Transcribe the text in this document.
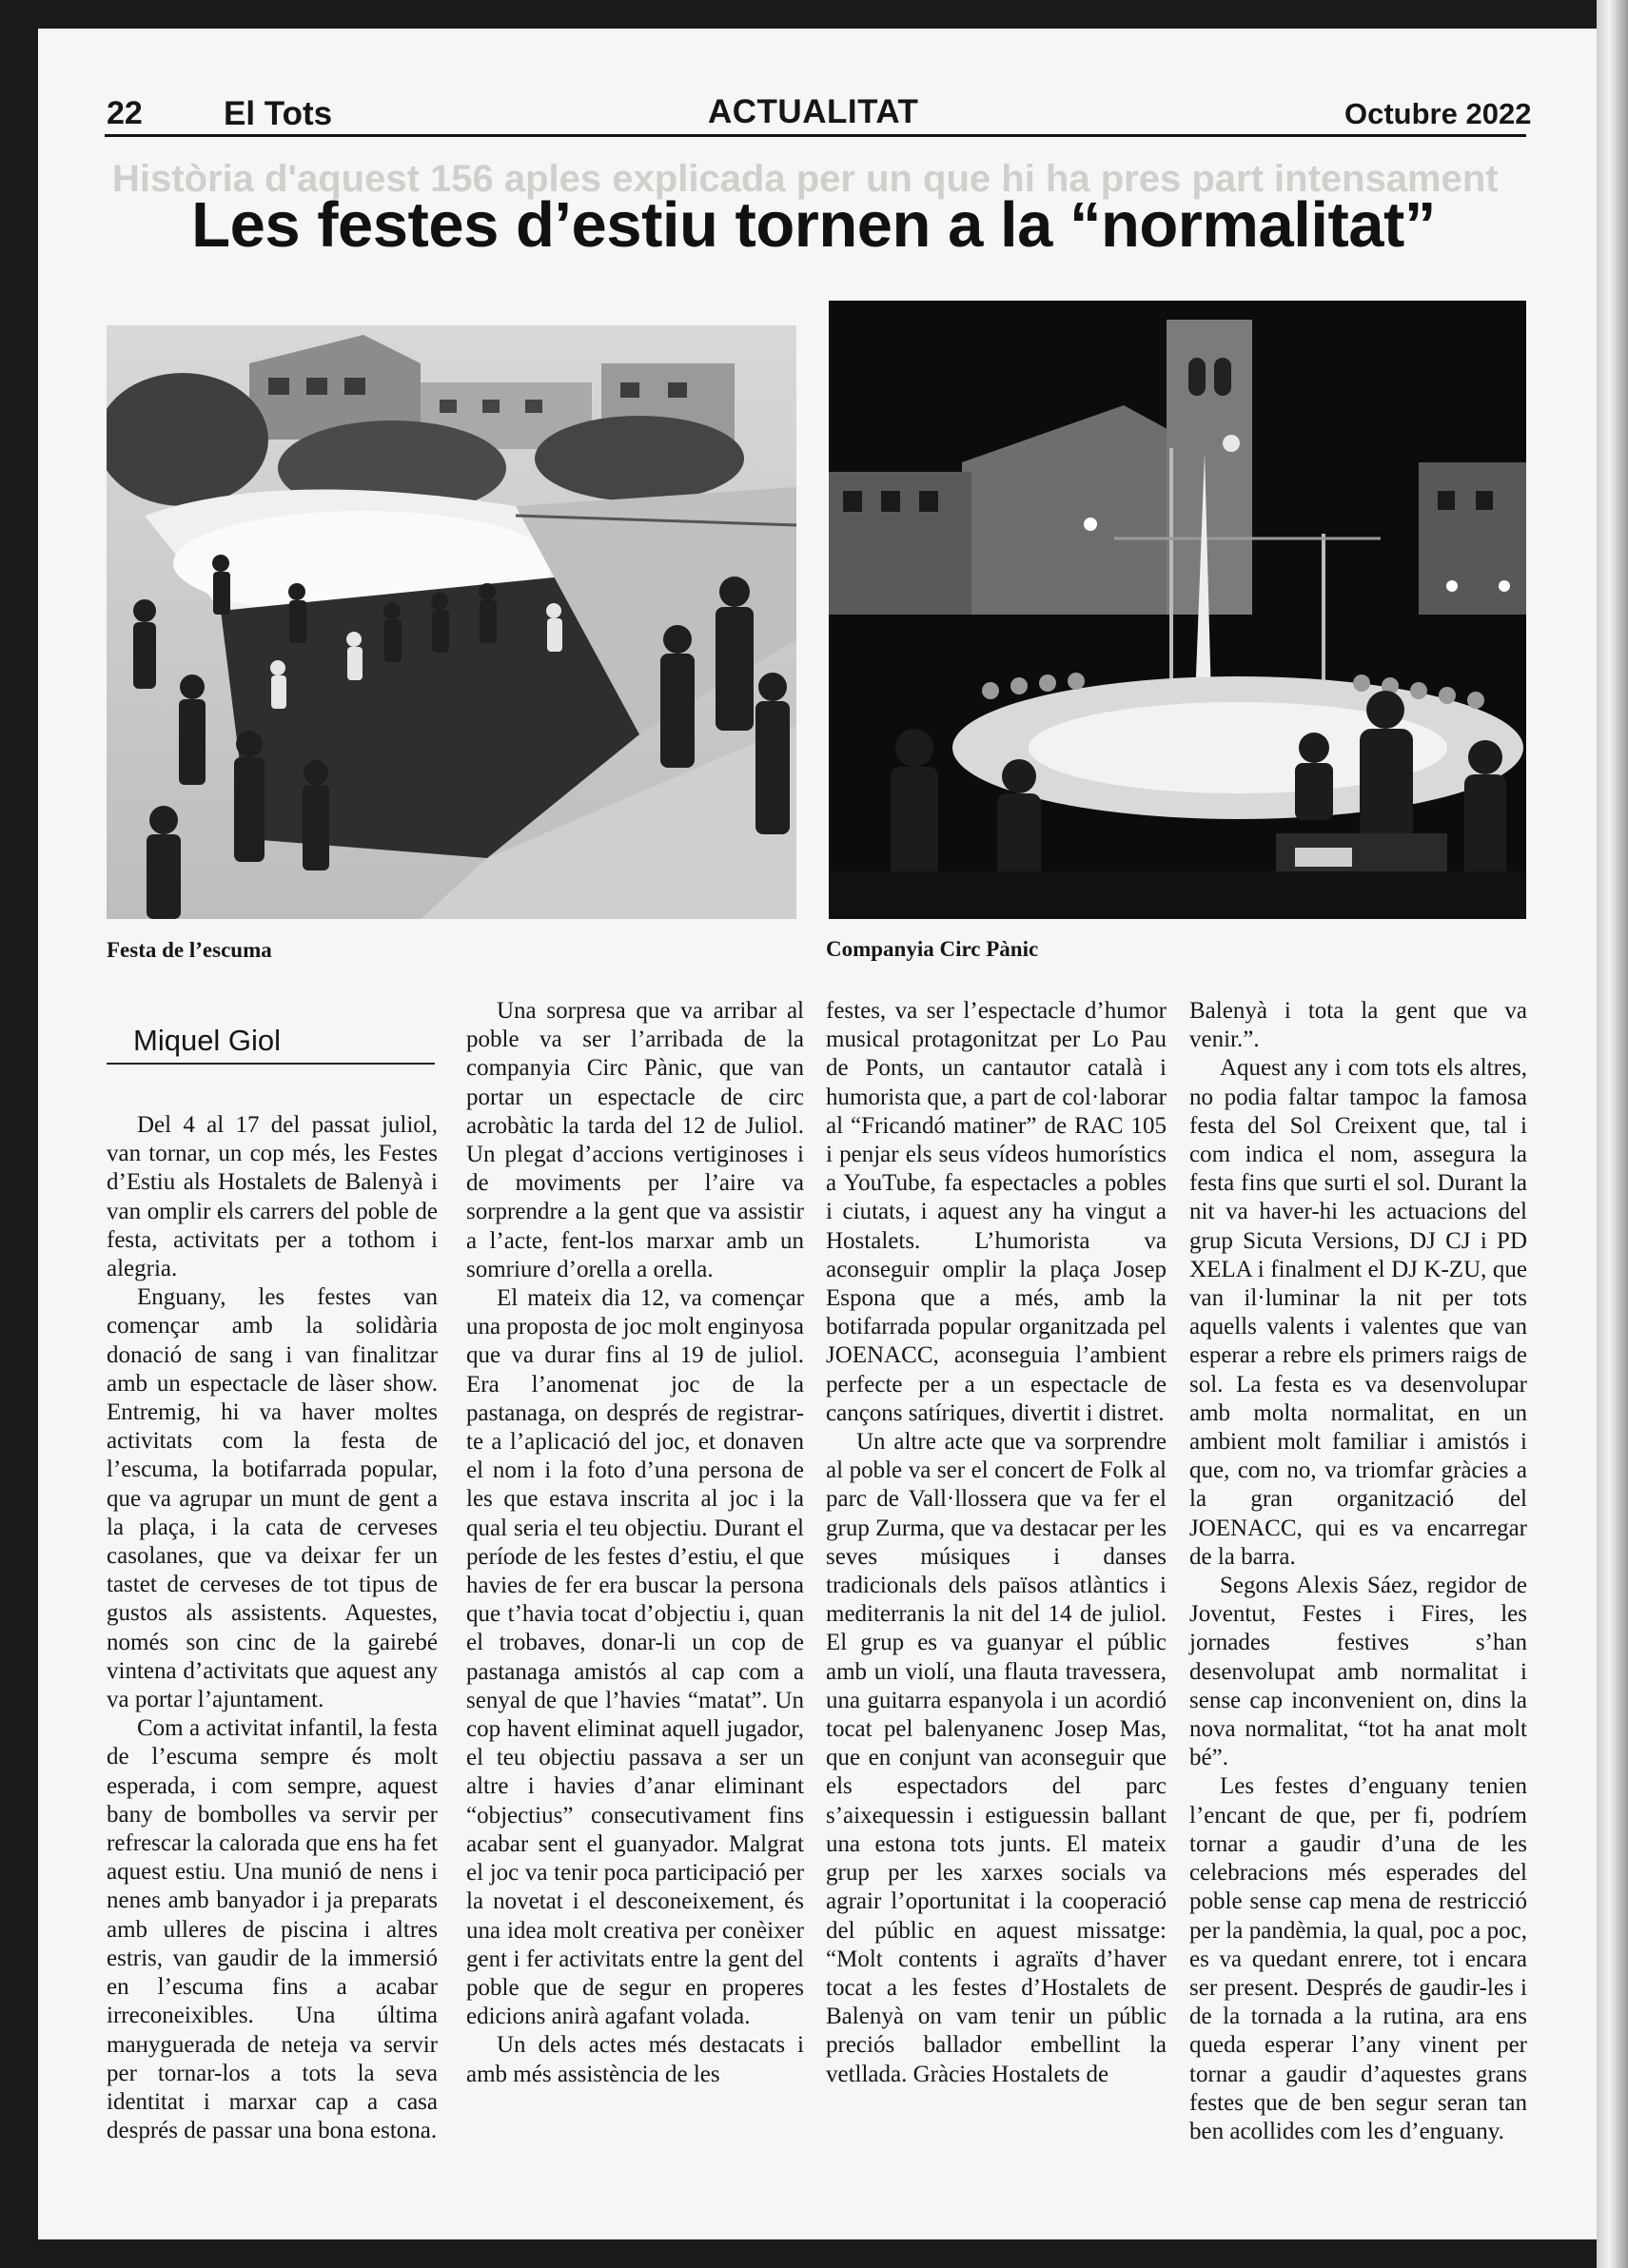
22 El Tots	ACTUALITAT	Octubre 2022
Història d'aquest 156 aples explicada per un que hi ha pres part intensament
Les festes d’estiu tornen a la “normalitat”
Festa de l’escuma	Companyia Circ Pànic
Miquel Giol

Del 4 al 17 del passat juliol, van tornar, un cop més, les Festes d’Estiu als Hostalets de Balenyà i van omplir els carrers del poble de festa, activitats per a tothom i alegria.

Enguany, les festes van començar amb la solidària donació de sang i van finalitzar amb un espectacle de làser show. Entremig, hi va haver moltes activitats com la festa de l’escuma, la botifarrada popular, que va agrupar un munt de gent a la plaça, i la cata de cerveses casolanes, que va deixar fer un tastet de cerveses de tot tipus de gustos als assistents. Aquestes, només son cinc de la gairebé vintena d’activitats que aquest any va portar l’ajuntament.

Com a activitat infantil, la festa de l’escuma sempre és molt esperada, i com sempre, aquest bany de bombolles va servir per refrescar la calorada que ens ha fet aquest estiu. Una munió de nens i nenes amb banyador i ja preparats amb ulleres de piscina i altres estris, van gaudir de la immersió en l’escuma fins a acabar irreconeixibles. Una última mануguerada de neteja va servir per tornar-los a tots la seva identitat i marxar cap a casa després de passar una bona estona.

Una sorpresa que va arribar al poble va ser l’arribada de la companyia Circ Pànic, que van portar un espectacle de circ acrobàtic la tarda del 12 de Juliol. Un plegat d’accions vertiginoses i de moviments per l’aire va sorprendre a la gent que va assistir a l’acte, fent-los marxar amb un somriure d’orella a orella.

El mateix dia 12, va començar una proposta de joc molt enginyosa que va durar fins al 19 de juliol. Era l’anomenat joc de la pastanaga, on després de registrar-te a l’aplicació del joc, et donaven el nom i la foto d’una persona de les que estava inscrita al joc i la qual seria el teu objectiu. Durant el període de les festes d’estiu, el que havies de fer era buscar la persona que t’havia tocat d’objectiu i, quan el trobaves, donar-li un cop de pastanaga amistós al cap com a senyal de que l’havies “matat”. Un cop havent eliminat aquell jugador, el teu objectiu passava a ser un altre i havies d’anar eliminant “objectius” consecutivament fins acabar sent el guanyador. Malgrat el joc va tenir poca participació per la novetat i el desconeixement, és una idea molt creativa per conèixer gent i fer activitats entre la gent del poble que de segur en properes edicions anirà agafant volada.

Un dels actes més destacats i amb més assistència de les

festes, va ser l’espectacle d’humor musical protagonitzat per Lo Pau de Ponts, un cantautor català i humorista que, a part de col·laborar al “Fricandó matiner” de RAC 105 i penjar els seus vídeos humorístics a YouTube, fa espectacles a pobles i ciutats, i aquest any ha vingut a Hostalets. L’humorista va aconseguir omplir la plaça Josep Espona que a més, amb la botifarrada popular organitzada pel JOENACC, aconseguia l’ambient perfecte per a un espectacle de cançons satíriques, divertit i distret.

Un altre acte que va sorprendre al poble va ser el concert de Folk al parc de Vall·llossera que va fer el grup Zurma, que va destacar per les seves músiques i danses tradicionals dels països atlàntics i mediterranis la nit del 14 de juliol. El grup es va guanyar el públic amb un violí, una flauta travessera, una guitarra espanyola i un acordió tocat pel balenyanenc Josep Mas, que en conjunt van aconseguir que els espectadors del parc s’aixequessin i estiguessin ballant una estona tots junts. El mateix grup per les xarxes socials va agrair l’oportunitat i la cooperació del públic en aquest missatge: “Molt contents i agraïts d’haver tocat a les festes d’Hostalets de Balenyà on vam tenir un públic preciós ballador embellint la vetllada. Gràcies Hostalets de

Balenyà i tota la gent que va venir.”.

Aquest any i com tots els altres, no podia faltar tampoc la famosa festa del Sol Creixent que, tal i com indica el nom, assegura la festa fins que surti el sol. Durant la nit va haver-hi les actuacions del grup Sicuta Versions, DJ CJ i PD XELA i finalment el DJ K-ZU, que van il·luminar la nit per tots aquells valents i valentes que van esperar a rebre els primers raigs de sol. La festa es va desenvolupar amb molta normalitat, en un ambient molt familiar i amistós i que, com no, va triomfar gràcies a la gran organització del JOENACC, qui es va encarregar de la barra.

Segons Alexis Sáez, regidor de Joventut, Festes i Fires, les jornades festives s’han desenvolupat amb normalitat i sense cap inconvenient on, dins la nova normalitat, “tot ha anat molt bé”.

Les festes d’enguany tenien l’encant de que, per fi, podríem tornar a gaudir d’una de les celebracions més esperades del poble sense cap mena de restricció per la pandèmia, la qual, poc a poc, es va quedant enrere, tot i encara ser present. Després de gaudir-les i de la tornada a la rutina, ara ens queda esperar l’any vinent per tornar a gaudir d’aquestes grans festes que de ben segur seran tan ben acollides com les d’enguany.
